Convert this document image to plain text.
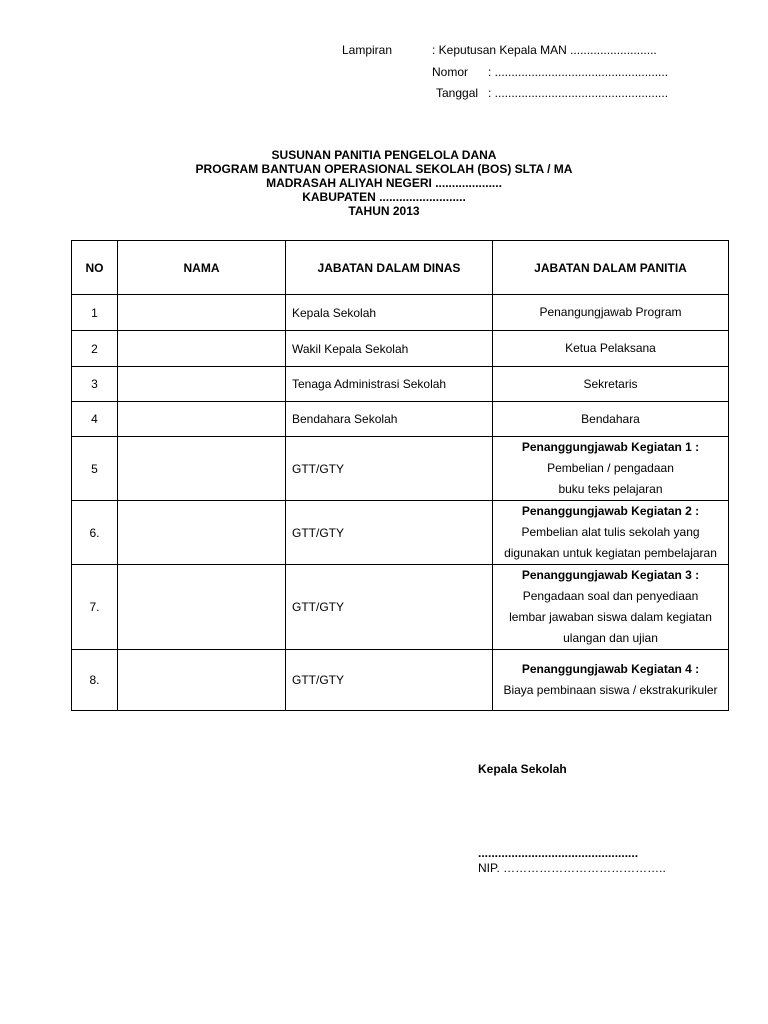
Lampiran	: Keputusan Kepala MAN ..........................
Nomor : ....................................................
Tanggal : ....................................................
SUSUNAN PANITIA PENGELOLA DANA
PROGRAM BANTUAN OPERASIONAL SEKOLAH (BOS) SLTA / MA
MADRASAH ALIYAH NEGERI ....................
KABUPATEN ..........................
TAHUN 2013
NO	NAMA	JABATAN DALAM DINAS	JABATAN DALAM PANITIA
1		Kepala Sekolah	Penangungjawab Program

2		Wakil Kepala Sekolah	Ketua Pelaksana

3		Tenaga Administrasi Sekolah	Sekretaris

4		Bendahara Sekolah	Bendahara

5		GTT/GTY	Penanggungjawab Kegiatan 1 :
Pembelian / pengadaan
buku teks pelajaran

6.		GTT/GTY	Penanggungjawab Kegiatan 2 :
Pembelian alat tulis sekolah yang
digunakan untuk kegiatan pembelajaran

7.		GTT/GTY	Penanggungjawab Kegiatan 3 :
Pengadaan soal dan penyediaan
lembar jawaban siswa dalam kegiatan
ulangan dan ujian

8.		GTT/GTY	Penanggungjawab Kegiatan 4 :
Biaya pembinaan siswa / ekstrakurikuler
Kepala Sekolah
................................................
NIP. …………………………………..
